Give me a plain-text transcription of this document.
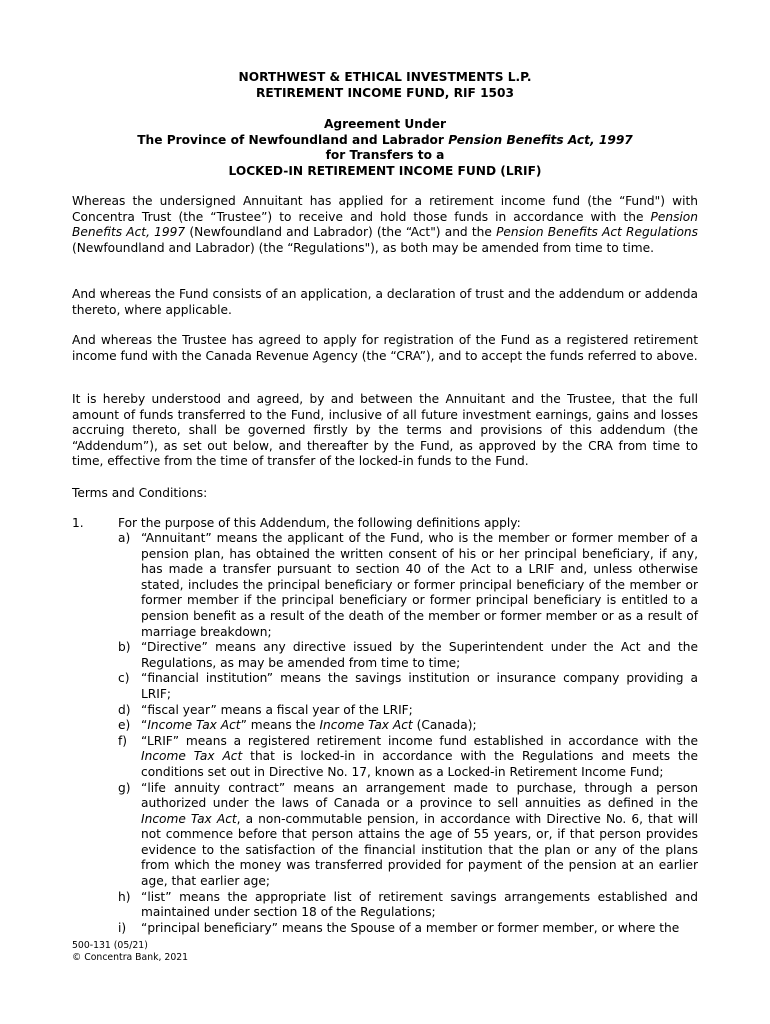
NORTHWEST & ETHICAL INVESTMENTS L.P.
RETIREMENT INCOME FUND, RIF 1503
Agreement Under
The Province of Newfoundland and Labrador Pension Benefits Act, 1997
for Transfers to a
LOCKED-IN RETIREMENT INCOME FUND (LRIF)

Whereas the undersigned Annuitant has applied for a retirement income fund (the “Fund") with Concentra Trust (the “Trustee”) to receive and hold those funds in accordance with the Pension Benefits Act, 1997 (Newfoundland and Labrador) (the “Act") and the Pension Benefits Act Regulations (Newfoundland and Labrador) (the “Regulations"), as both may be amended from time to time.

And whereas the Fund consists of an application, a declaration of trust and the addendum or addenda thereto, where applicable.

And whereas the Trustee has agreed to apply for registration of the Fund as a registered retirement income fund with the Canada Revenue Agency (the “CRA”), and to accept the funds referred to above.

It is hereby understood and agreed, by and between the Annuitant and the Trustee, that the full amount of funds transferred to the Fund, inclusive of all future investment earnings, gains and losses accruing thereto, shall be governed firstly by the terms and provisions of this addendum (the “Addendum”), as set out below, and thereafter by the Fund, as approved by the CRA from time to time, effective from the time of transfer of the locked-in funds to the Fund.

Terms and Conditions:

1.	For the purpose of this Addendum, the following definitions apply:
a) “Annuitant” means the applicant of the Fund, who is the member or former member of a pension plan, has obtained the written consent of his or her principal beneficiary, if any, has made a transfer pursuant to section 40 of the Act to a LRIF and, unless otherwise stated, includes the principal beneficiary or former principal beneficiary of the member or former member if the principal beneficiary or former principal beneficiary is entitled to a pension benefit as a result of the death of the member or former member or as a result of marriage breakdown;
b) “Directive” means any directive issued by the Superintendent under the Act and the Regulations, as may be amended from time to time;
c) “financial institution” means the savings institution or insurance company providing a LRIF;
d) “fiscal year” means a fiscal year of the LRIF;
e) “Income Tax Act” means the Income Tax Act (Canada);
f) “LRIF” means a registered retirement income fund established in accordance with the Income Tax Act that is locked-in in accordance with the Regulations and meets the conditions set out in Directive No. 17, known as a Locked-in Retirement Income Fund;
g) “life annuity contract” means an arrangement made to purchase, through a person authorized under the laws of Canada or a province to sell annuities as defined in the Income Tax Act, a non-commutable pension, in accordance with Directive No. 6, that will not commence before that person attains the age of 55 years, or, if that person provides evidence to the satisfaction of the financial institution that the plan or any of the plans from which the money was transferred provided for payment of the pension at an earlier age, that earlier age;
h) “list” means the appropriate list of retirement savings arrangements established and maintained under section 18 of the Regulations;
i) “principal beneficiary” means the Spouse of a member or former member, or where the
500-131 (05/21)
© Concentra Bank, 2021
